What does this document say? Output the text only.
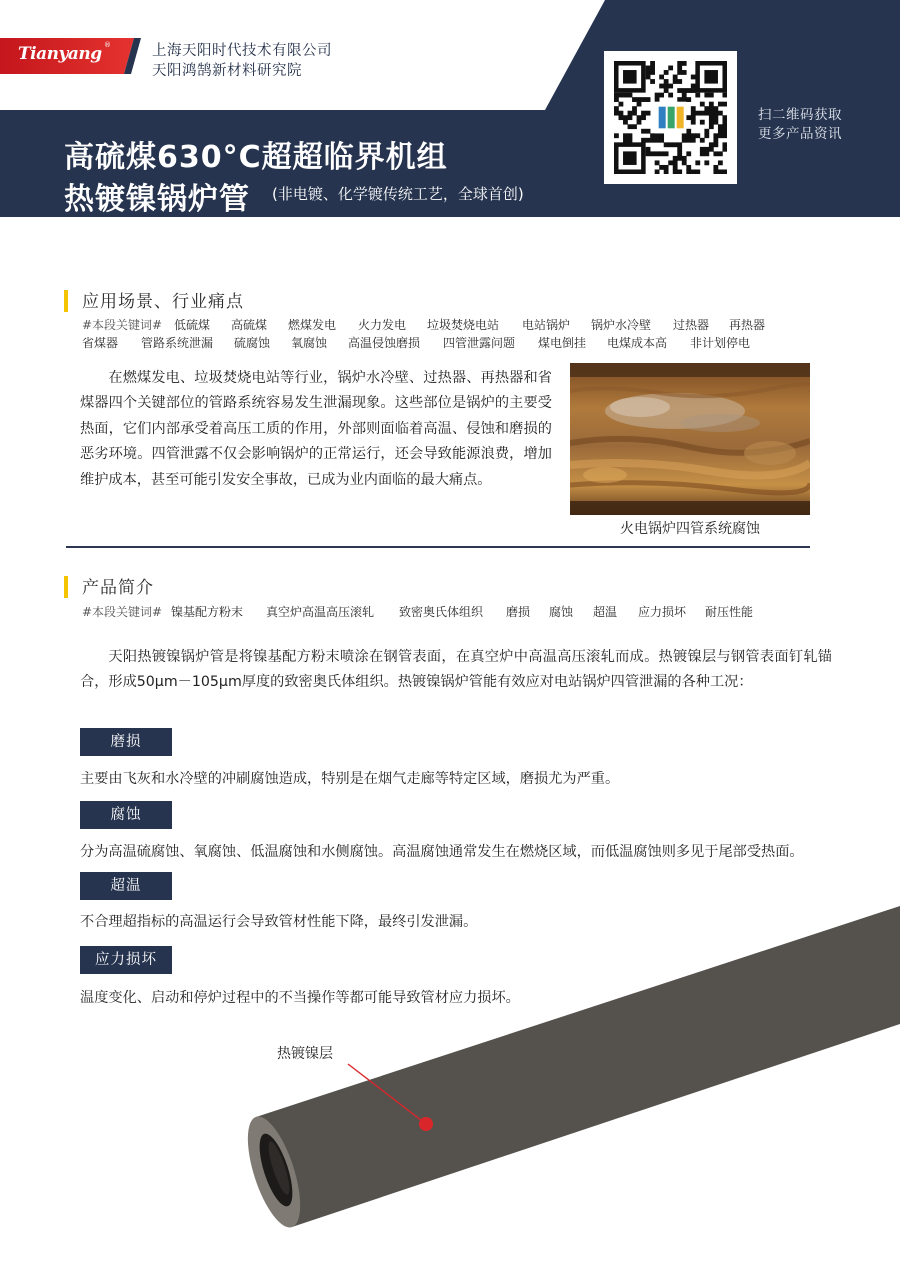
Tianyang ®	上海天阳时代技术有限公司
天阳鸿鹄新材料研究院
高硫煤630°C超超临界机组
热镀镍锅炉管 (非电镀、化学镀传统工艺，全球首创)
扫二维码获取
更多产品资讯
应用场景、行业痛点
#本段关键词# 低硫煤 高硫煤 燃煤发电 火力发电 垃圾焚烧电站 电站锅炉 锅炉水冷壁 过热器 再热器
省煤器 管路系统泄漏 硫腐蚀 氧腐蚀 高温侵蚀磨损 四管泄露问题 煤电倒挂 电煤成本高 非计划停电

在燃煤发电、垃圾焚烧电站等行业，锅炉水冷壁、过热器、再热器和省煤器四个关键部位的管路系统容易发生泄漏现象。这些部位是锅炉的主要受热面，它们内部承受着高压工质的作用，外部则面临着高温、侵蚀和磨损的恶劣环境。四管泄露不仅会影响锅炉的正常运行，还会导致能源浪费，增加维护成本，甚至可能引发安全事故，已成为业内面临的最大痛点。

火电锅炉四管系统腐蚀
产品简介
#本段关键词# 镍基配方粉末 真空炉高温高压滚轧 致密奥氏体组织 磨损 腐蚀 超温 应力损坏 耐压性能

天阳热镀镍锅炉管是将镍基配方粉末喷涂在钢管表面，在真空炉中高温高压滚轧而成。热镀镍层与钢管表面钉轧锚合，形成50μm－105μm厚度的致密奥氏体组织。热镀镍锅炉管能有效应对电站锅炉四管泄漏的各种工况：

磨损
主要由飞灰和水冷壁的冲刷腐蚀造成，特别是在烟气走廊等特定区域，磨损尤为严重。
腐蚀
分为高温硫腐蚀、氧腐蚀、低温腐蚀和水侧腐蚀。高温腐蚀通常发生在燃烧区域，而低温腐蚀则多见于尾部受热面。
超温
不合理超指标的高温运行会导致管材性能下降，最终引发泄漏。
应力损坏
温度变化、启动和停炉过程中的不当操作等都可能导致管材应力损坏。
热镀镍层
